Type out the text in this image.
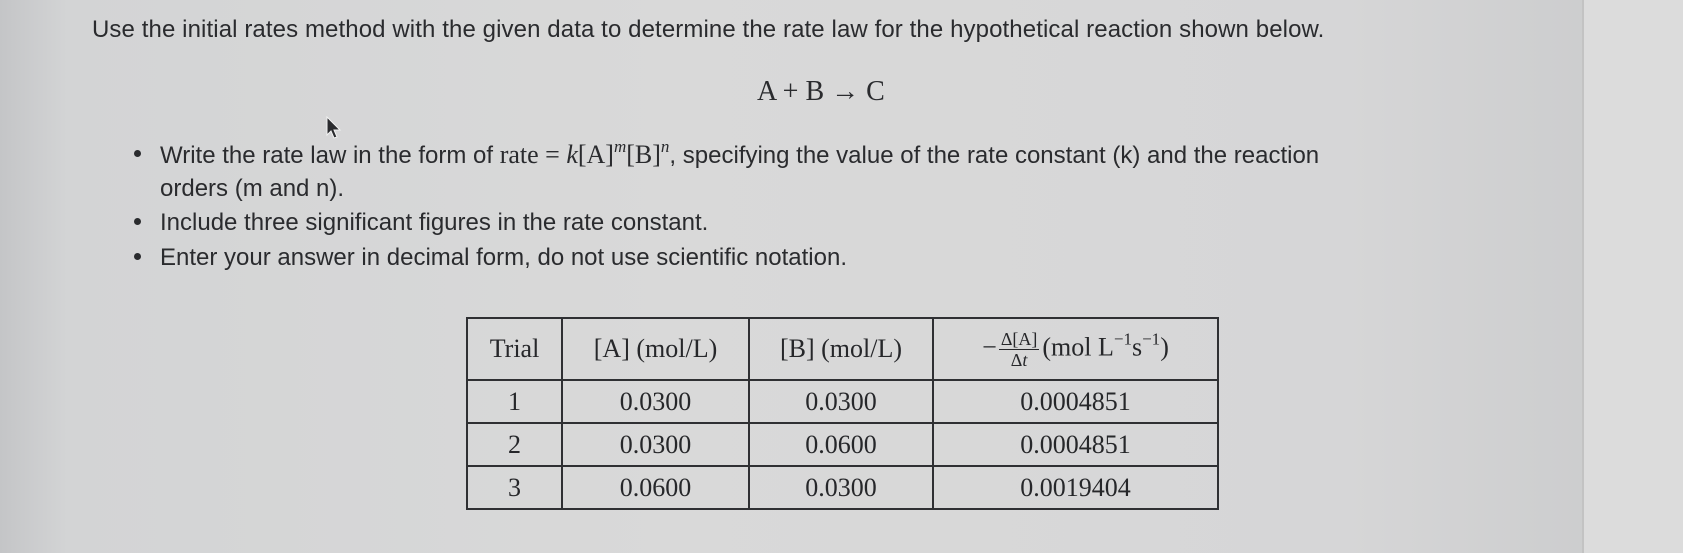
Use the initial rates method with the given data to determine the rate law for the hypothetical reaction shown below.
A + B → C
Write the rate law in the form of rate = $k[A]^m[B]^n$, specifying the value of the rate constant (k) and the reaction
orders (m and n).
Include three significant figures in the rate constant.
Enter your answer in decimal form, do not use scientific notation.
Trial	[A] (mol/L)	[B] (mol/L)	− $\frac{\Delta[A]}{\Delta t} (mol$ $L^{-1}s^{-1}$)
1	0.0300	0.0300	0.0004851
2	0.0300	0.0600	0.0004851
3	0.0600	0.0300	0.0019404
